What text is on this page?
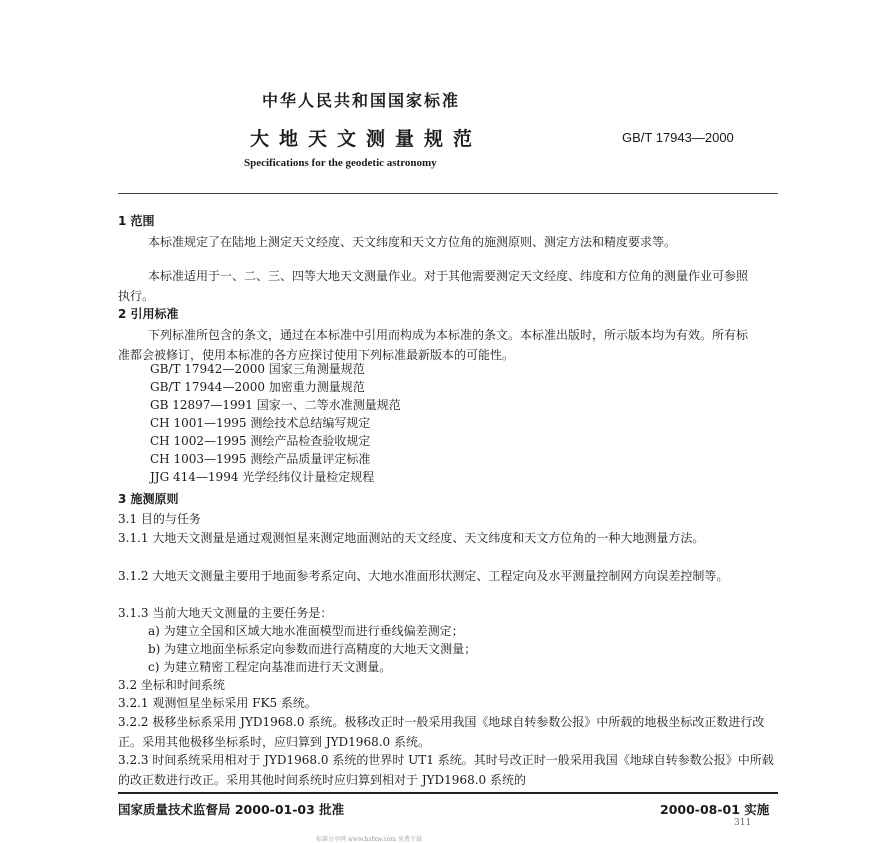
中华人民共和国国家标准
大地天文测量规范	GB/T 17943—2000
Specifications for the geodetic astronomy
1 范围
本标准规定了在陆地上测定天文经度、天文纬度和天文方位角的施测原则、测定方法和精度要求等。
本标准适用于一、二、三、四等大地天文测量作业。对于其他需要测定天文经度、纬度和方位角的测量作业可参照执行。
2 引用标准
下列标准所包含的条文，通过在本标准中引用而构成为本标准的条文。本标准出版时，所示版本均为有效。所有标准都会被修订，使用本标准的各方应探讨使用下列标准最新版本的可能性。
GB/T 17942—2000 国家三角测量规范
GB/T 17944—2000 加密重力测量规范
GB 12897—1991 国家一、二等水准测量规范
CH 1001—1995 测绘技术总结编写规定
CH 1002—1995 测绘产品检查验收规定
CH 1003—1995 测绘产品质量评定标准
JJG 414—1994 光学经纬仪计量检定规程
3 施测原则
3.1 目的与任务
3.1.1 大地天文测量是通过观测恒星来测定地面测站的天文经度、天文纬度和天文方位角的一种大地测量方法。
3.1.2 大地天文测量主要用于地面参考系定向、大地水准面形状测定、工程定向及水平测量控制网方向误差控制等。
3.1.3 当前大地天文测量的主要任务是：
a) 为建立全国和区域大地水准面模型而进行垂线偏差测定；
b) 为建立地面坐标系定向参数而进行高精度的大地天文测量；
c) 为建立精密工程定向基准而进行天文测量。
3.2 坐标和时间系统
3.2.1 观测恒星坐标采用 FK5 系统。
3.2.2 极移坐标系采用 JYD1968.0 系统。极移改正时一般采用我国《地球自转参数公报》中所载的地极坐标改正数进行改正。采用其他极移坐标系时，应归算到 JYD1968.0 系统。
3.2.3 时间系统采用相对于 JYD1968.0 系统的世界时 UT1 系统。其时号改正时一般采用我国《地球自转参数公报》中所载的改正数进行改正。采用其他时间系统时应归算到相对于 JYD1968.0 系统的
国家质量技术监督局 2000-01-03 批准	2000-08-01 实施
311
标准分享网 www.bzfxw.com 免费下载
